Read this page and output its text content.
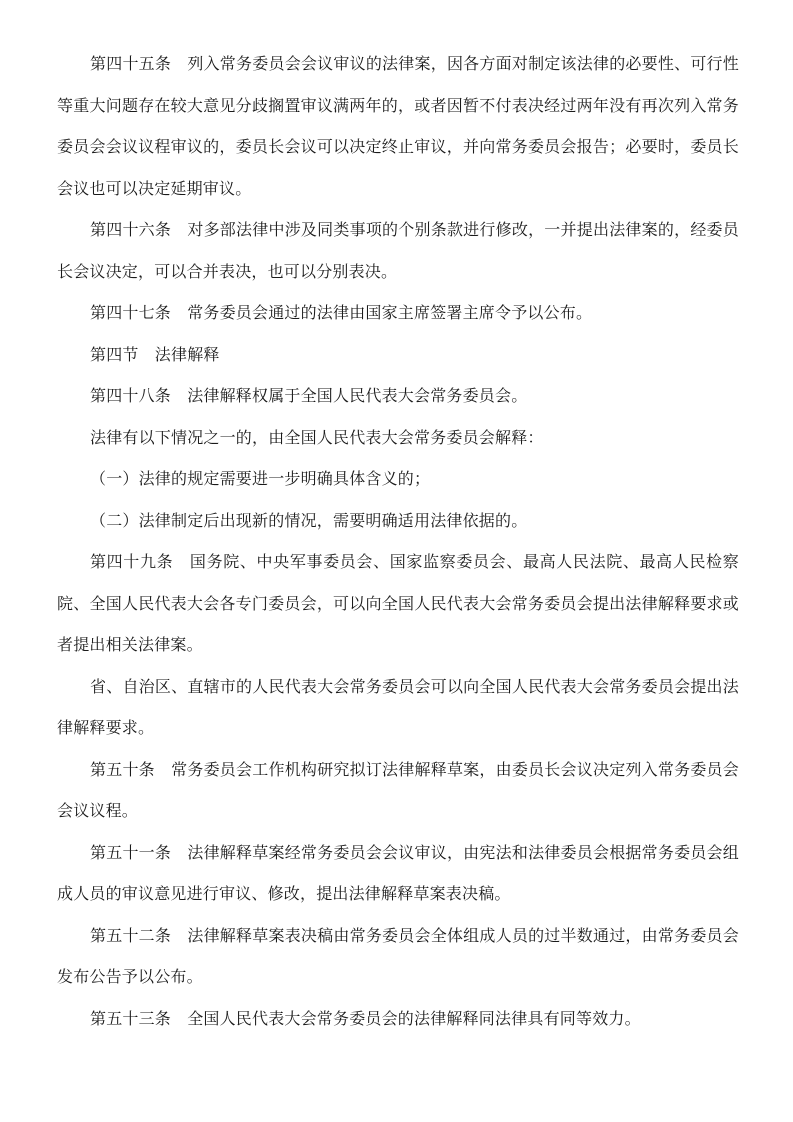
第四十五条　列入常务委员会会议审议的法律案，因各方面对制定该法律的必要性、可行性等重大问题存在较大意见分歧搁置审议满两年的，或者因暂不付表决经过两年没有再次列入常务委员会会议议程审议的，委员长会议可以决定终止审议，并向常务委员会报告；必要时，委员长会议也可以决定延期审议。

第四十六条　对多部法律中涉及同类事项的个别条款进行修改，一并提出法律案的，经委员长会议决定，可以合并表决，也可以分别表决。

第四十七条　常务委员会通过的法律由国家主席签署主席令予以公布。

第四节　法律解释

第四十八条　法律解释权属于全国人民代表大会常务委员会。

法律有以下情况之一的，由全国人民代表大会常务委员会解释：

（一）法律的规定需要进一步明确具体含义的；

（二）法律制定后出现新的情况，需要明确适用法律依据的。

第四十九条　国务院、中央军事委员会、国家监察委员会、最高人民法院、最高人民检察院、全国人民代表大会各专门委员会，可以向全国人民代表大会常务委员会提出法律解释要求或者提出相关法律案。

省、自治区、直辖市的人民代表大会常务委员会可以向全国人民代表大会常务委员会提出法律解释要求。

第五十条　常务委员会工作机构研究拟订法律解释草案，由委员长会议决定列入常务委员会会议议程。

第五十一条　法律解释草案经常务委员会会议审议，由宪法和法律委员会根据常务委员会组成人员的审议意见进行审议、修改，提出法律解释草案表决稿。

第五十二条　法律解释草案表决稿由常务委员会全体组成人员的过半数通过，由常务委员会发布公告予以公布。

第五十三条　全国人民代表大会常务委员会的法律解释同法律具有同等效力。
